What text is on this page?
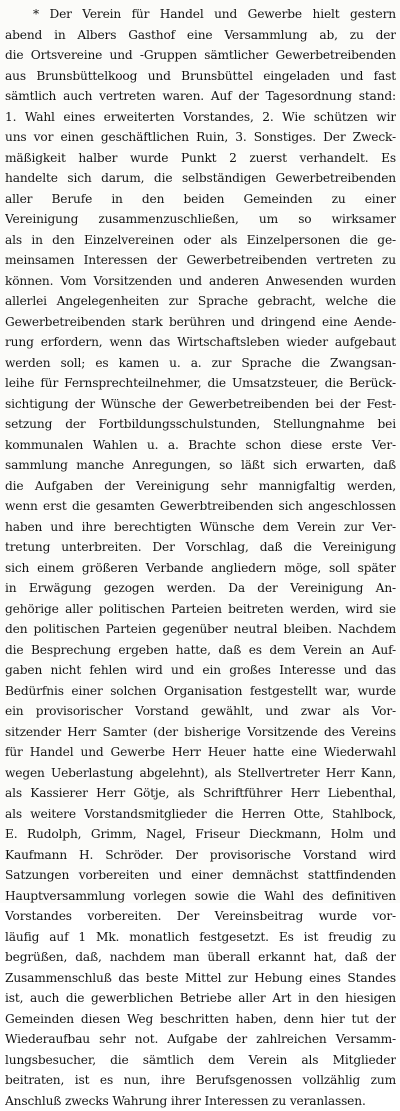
* Der Verein für Handel und Gewerbe hielt gestern
abend in Albers Gasthof eine Versammlung ab, zu der
die Ortsvereine und -Gruppen sämtlicher Gewerbetreibenden
aus Brunsbüttelkoog und Brunsbüttel eingeladen und fast
sämtlich auch vertreten waren. Auf der Tagesordnung stand:
1. Wahl eines erweiterten Vorstandes, 2. Wie schützen wir
uns vor einen geschäftlichen Ruin, 3. Sonstiges. Der Zweck-
mäßigkeit halber wurde Punkt 2 zuerst verhandelt. Es
handelte sich darum, die selbständigen Gewerbetreibenden
aller Berufe in den beiden Gemeinden zu einer
Vereinigung zusammenzuschließen, um so wirksamer
als in den Einzelvereinen oder als Einzelpersonen die ge-
meinsamen Interessen der Gewerbetreibenden vertreten zu
können. Vom Vorsitzenden und anderen Anwesenden wurden
allerlei Angelegenheiten zur Sprache gebracht, welche die
Gewerbetreibenden stark berühren und dringend eine Aende-
rung erfordern, wenn das Wirtschaftsleben wieder aufgebaut
werden soll; es kamen u. a. zur Sprache die Zwangsan-
leihe für Fernsprechteilnehmer, die Umsatzsteuer, die Berück-
sichtigung der Wünsche der Gewerbetreibenden bei der Fest-
setzung der Fortbildungsschulstunden, Stellungnahme bei
kommunalen Wahlen u. a. Brachte schon diese erste Ver-
sammlung manche Anregungen, so läßt sich erwarten, daß
die Aufgaben der Vereinigung sehr mannigfaltig werden,
wenn erst die gesamten Gewerbtreibenden sich angeschlossen
haben und ihre berechtigten Wünsche dem Verein zur Ver-
tretung unterbreiten. Der Vorschlag, daß die Vereinigung
sich einem größeren Verbande angliedern möge, soll später
in Erwägung gezogen werden. Da der Vereinigung An-
gehörige aller politischen Parteien beitreten werden, wird sie
den politischen Parteien gegenüber neutral bleiben. Nachdem
die Besprechung ergeben hatte, daß es dem Verein an Auf-
gaben nicht fehlen wird und ein großes Interesse und das
Bedürfnis einer solchen Organisation festgestellt war, wurde
ein provisorischer Vorstand gewählt, und zwar als Vor-
sitzender Herr Samter (der bisherige Vorsitzende des Vereins
für Handel und Gewerbe Herr Heuer hatte eine Wiederwahl
wegen Ueberlastung abgelehnt), als Stellvertreter Herr Kann,
als Kassierer Herr Götje, als Schriftführer Herr Liebenthal,
als weitere Vorstandsmitglieder die Herren Otte, Stahlbock,
E. Rudolph, Grimm, Nagel, Friseur Dieckmann, Holm und
Kaufmann H. Schröder. Der provisorische Vorstand wird
Satzungen vorbereiten und einer demnächst stattfindenden
Hauptversammlung vorlegen sowie die Wahl des definitiven
Vorstandes vorbereiten. Der Vereinsbeitrag wurde vor-
läufig auf 1 Mk. monatlich festgesetzt. Es ist freudig zu
begrüßen, daß, nachdem man überall erkannt hat, daß der
Zusammenschluß das beste Mittel zur Hebung eines Standes
ist, auch die gewerblichen Betriebe aller Art in den hiesigen
Gemeinden diesen Weg beschritten haben, denn hier tut der
Wiederaufbau sehr not. Aufgabe der zahlreichen Versamm-
lungsbesucher, die sämtlich dem Verein als Mitglieder
beitraten, ist es nun, ihre Berufsgenossen vollzählig zum
Anschluß zwecks Wahrung ihrer Interessen zu veranlassen.
